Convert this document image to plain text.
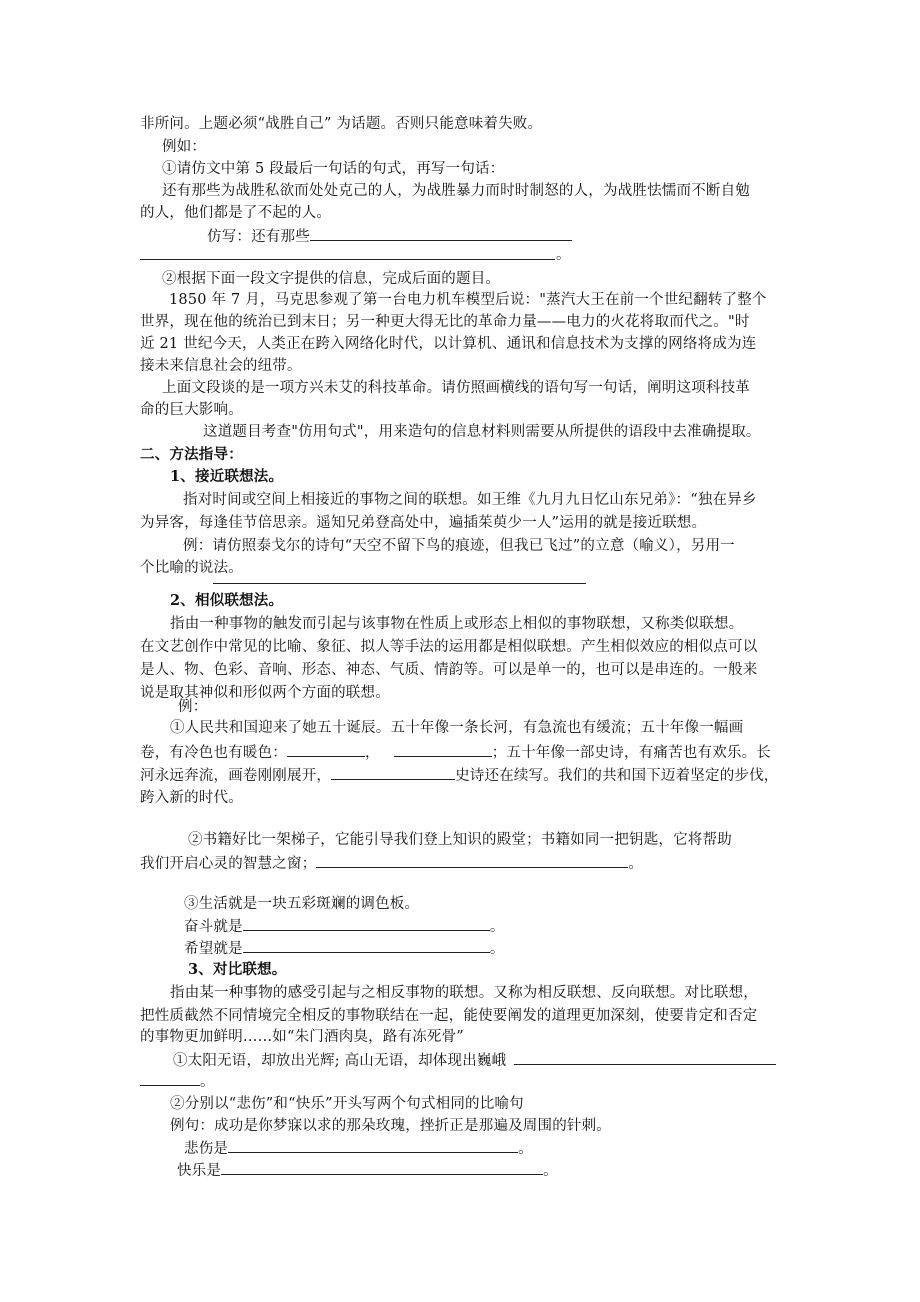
非所问。上题必须“战胜自己” 为话题。否则只能意味着失败。
例如：
①请仿文中第 5 段最后一句话的句式，再写一句话：
还有那些为战胜私欲而处处克己的人，为战胜暴力而时时制怒的人，为战胜怯懦而不断自勉
的人，他们都是了不起的人。
仿写：还有那些
。
②根据下面一段文字提供的信息，完成后面的题目。
1850 年 7 月，马克思参观了第一台电力机车模型后说："蒸汽大王在前一个世纪翻转了整个
世界，现在他的统治已到末日；另一种更大得无比的革命力量——电力的火花将取而代之。"时
近 21 世纪今天，人类正在跨入网络化时代，以计算机、通讯和信息技术为支撑的网络将成为连
接未来信息社会的纽带。
上面文段谈的是一项方兴未艾的科技革命。请仿照画横线的语句写一句话，阐明这项科技革
命的巨大影响。
这道题目考查"仿用句式"，用来造句的信息材料则需要从所提供的语段中去准确提取。
二、方法指导：
1、接近联想法。
指对时间或空间上相接近的事物之间的联想。如王维《九月九日忆山东兄弟》：“独在异乡
为异客，每逢佳节倍思亲。遥知兄弟登高处中，遍插茱萸少一人”运用的就是接近联想。
例：请仿照泰戈尔的诗句“天空不留下鸟的痕迹，但我已飞过”的立意（喻义），另用一
个比喻的说法。
2、相似联想法。
指由一种事物的触发而引起与该事物在性质上或形态上相似的事物联想，又称类似联想。
在文艺创作中常见的比喻、象征、拟人等手法的运用都是相似联想。产生相似效应的相似点可以
是人、物、色彩、音响、形态、神态、气质、情韵等。可以是单一的，也可以是串连的。一般来
说是取其神似和形似两个方面的联想。
例：
①人民共和国迎来了她五十诞辰。五十年像一条长河，有急流也有缓流；五十年像一幅画
卷，有冷色也有暖色：	，	；五十年像一部史诗，有痛苦也有欢乐。长
河永远奔流，画卷刚刚展开，	史诗还在续写。我们的共和国下迈着坚定的步伐，
跨入新的时代。
②书籍好比一架梯子，它能引导我们登上知识的殿堂；书籍如同一把钥匙，它将帮助
我们开启心灵的智慧之窗；	。
③生活就是一块五彩斑斓的调色板。
奋斗就是	。
希望就是	。
3、对比联想。
指由某一种事物的感受引起与之相反事物的联想。又称为相反联想、反向联想。对比联想，
把性质截然不同情境完全相反的事物联结在一起，能使要阐发的道理更加深刻，使要肯定和否定
的事物更加鲜明……如“朱门酒肉臭，路有冻死骨”
①太阳无语，却放出光辉; 高山无语，却体现出巍峨
。
②分别以“悲伤”和“快乐”开头写两个句式相同的比喻句
例句：成功是你梦寐以求的那朵玫瑰，挫折正是那遍及周围的针刺。
悲伤是	。
快乐是	。
